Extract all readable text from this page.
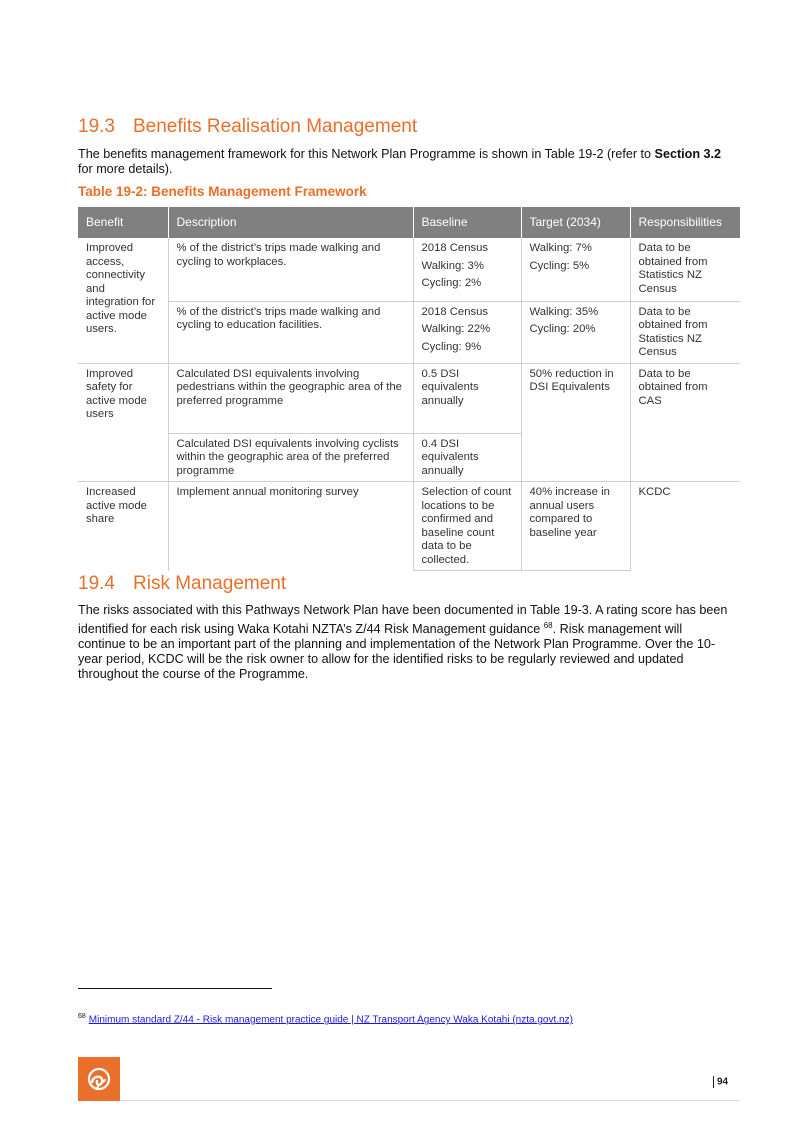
19.3 Benefits Realisation Management
The benefits management framework for this Network Plan Programme is shown in Table 19-2 (refer to Section 3.2 for more details).
Table 19-2: Benefits Management Framework
Benefit	Description	Baseline	Target (2034)	Responsibilities
Improved access, connectivity and integration for active mode users.	% of the district’s trips made walking and cycling to workplaces.	2018 Census
Walking: 3%
Cycling: 2%	Walking: 7%
Cycling: 5%	Data to be obtained from Statistics NZ Census
	% of the district’s trips made walking and cycling to education facilities.	2018 Census
Walking: 22%
Cycling: 9%	Walking: 35%
Cycling: 20%	Data to be obtained from Statistics NZ Census
Improved safety for active mode users	Calculated DSI equivalents involving pedestrians within the geographic area of the preferred programme	0.5 DSI equivalents annually	50% reduction in DSI Equivalents	Data to be obtained from CAS
	Calculated DSI equivalents involving cyclists within the geographic area of the preferred programme	0.4 DSI equivalents annually		
Increased active mode share	Implement annual monitoring survey	Selection of count locations to be confirmed and baseline count data to be collected.	40% increase in annual users compared to baseline year	KCDC
19.4 Risk Management
The risks associated with this Pathways Network Plan have been documented in Table 19-3. A rating score has been identified for each risk using Waka Kotahi NZTA’s Z/44 Risk Management guidance $^{68}$. Risk management will continue to be an important part of the planning and implementation of the Network Plan Programme. Over the 10-year period, KCDC will be the risk owner to allow for the identified risks to be regularly reviewed and updated throughout the course of the Programme.
$^{68}$ Minimum standard Z/44 - Risk management practice guide | NZ Transport Agency Waka Kotahi (nzta.govt.nz)
94
